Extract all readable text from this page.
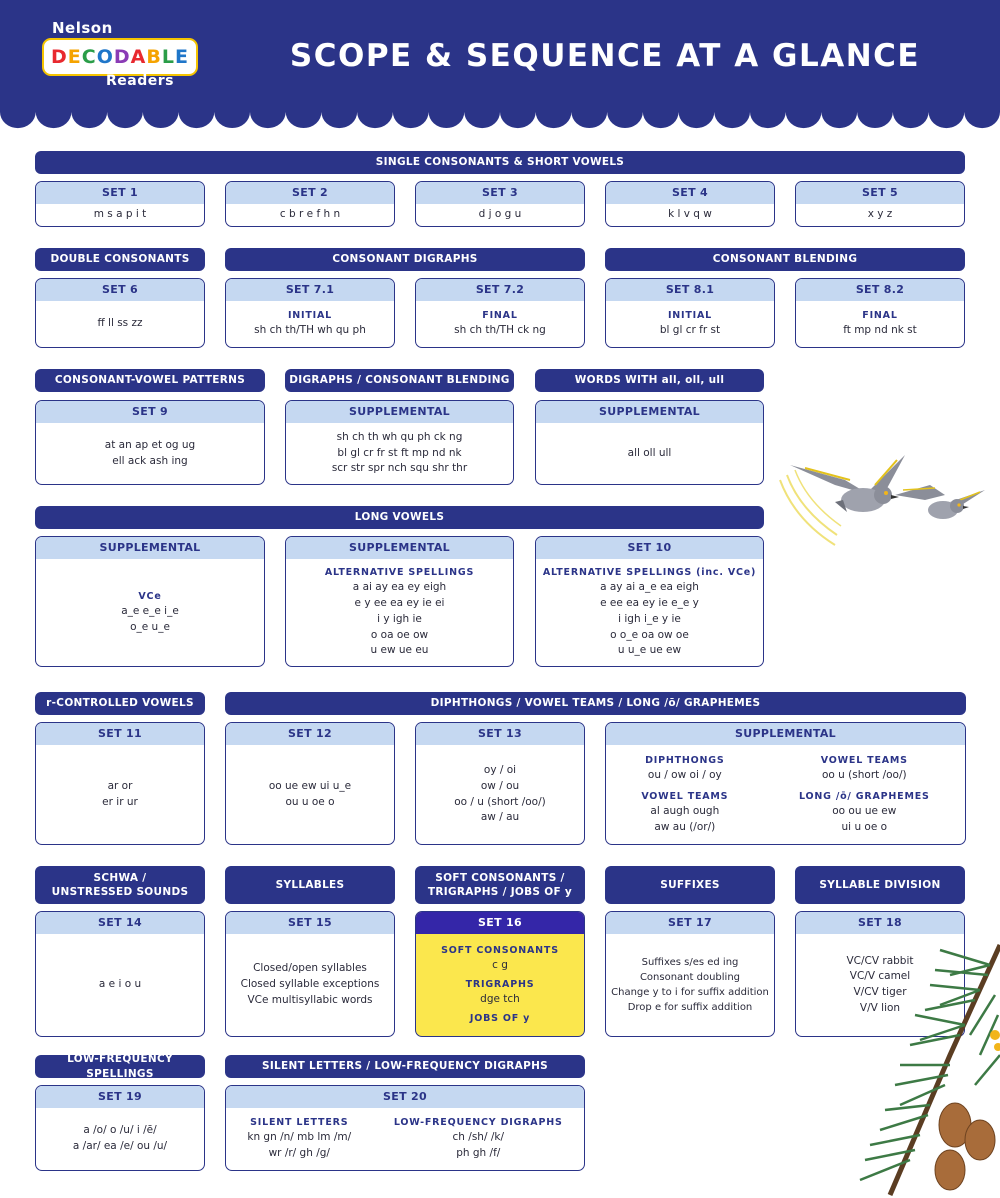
Nelson
DECODABLE
Readers
SCOPE & SEQUENCE AT A GLANCE
SINGLE CONSONANTS & SHORT VOWELS
SET 1
m s a p i t
SET 2
c b r e f h n
SET 3
d j o g u
SET 4
k l v q w
SET 5
x y z
DOUBLE CONSONANTS	CONSONANT DIGRAPHS	CONSONANT BLENDING
SET 6
ff ll ss zz
SET 7.1
INITIAL
sh ch th/TH wh qu ph
SET 7.2
FINAL
sh ch th/TH ck ng
SET 8.1
INITIAL
bl gl cr fr st
SET 8.2
FINAL
ft mp nd nk st
CONSONANT-VOWEL PATTERNS	DIGRAPHS / CONSONANT BLENDING	WORDS WITH all, oll, ull
SET 9
at an ap et og ug
ell ack ash ing
SUPPLEMENTAL
sh ch th wh qu ph ck ng
bl gl cr fr st ft mp nd nk
scr str spr nch squ shr thr
SUPPLEMENTAL
all oll ull
LONG VOWELS
SUPPLEMENTAL
VCe
a_e e_e i_e
o_e u_e
SUPPLEMENTAL
ALTERNATIVE SPELLINGS
a ai ay ea ey eigh
e y ee ea ey ie ei
i y igh ie
o oa oe ow
u ew ue eu
SET 10
ALTERNATIVE SPELLINGS (inc. VCe)
a ay ai a_e ea eigh
e ee ea ey ie e_e y
i igh i_e y ie
o o_e oa ow oe
u u_e ue ew
r-CONTROLLED VOWELS	DIPHTHONGS / VOWEL TEAMS / LONG /ō/ GRAPHEMES
SET 11
ar or
er ir ur
SET 12
oo ue ew ui u_e
ou u oe o
SET 13
oy / oi
ow / ou
oo / u (short /oo/)
aw / au
SUPPLEMENTAL
DIPHTHONGS
ou / ow oi / oy
VOWEL TEAMS
al augh ough
aw au (/or/)
VOWEL TEAMS
oo u (short /oo/)
LONG /ō/ GRAPHEMES
oo ou ue ew
ui u oe o
SCHWA /
UNSTRESSED SOUNDS
SYLLABLES
SOFT CONSONANTS /
TRIGRAPHS / JOBS OF y
SUFFIXES	SYLLABLE DIVISION
SET 14
a e i o u
SET 15
Closed/open syllables
Closed syllable exceptions
VCe multisyllabic words
SET 16
SOFT CONSONANTS
c g
TRIGRAPHS
dge tch
JOBS OF y
SET 17
Suffixes s/es ed ing
Consonant doubling
Change y to i for suffix addition
Drop e for suffix addition
SET 18
VC/CV rabbit
VC/V camel
V/CV tiger
V/V lion
LOW-FREQUENCY SPELLINGS
SILENT LETTERS / LOW-FREQUENCY DIGRAPHS
SET 19
a /o/ o /u/ i /ē/
a /ar/ ea /e/ ou /u/
SET 20
SILENT LETTERS
kn gn /n/ mb lm /m/
wr /r/ gh /g/
LOW-FREQUENCY DIGRAPHS
ch /sh/ /k/
ph gh /f/
